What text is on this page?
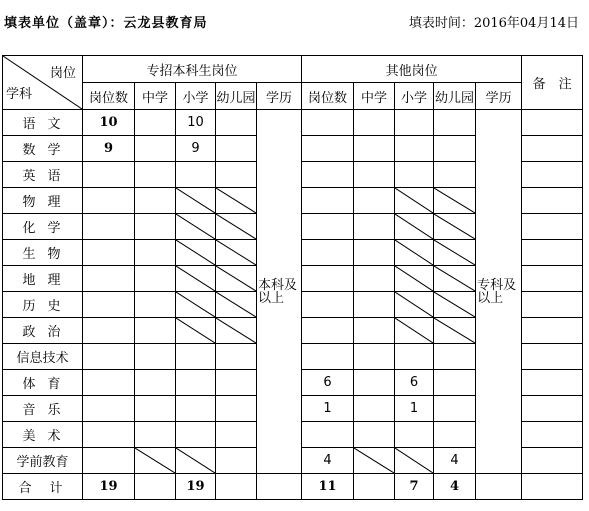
填表单位（盖章）：云龙县教育局	填表时间：2016年04月14日
岗位
学科	专招本科生岗位					其他岗位					备　注
	岗位数	中学	小学	幼儿园	学历	岗位数	中学	小学	幼儿园	学历	
语文	10		10		本科及以上					专科及以上	
数学	9		9								
英语											
物理			

化学			

生物			

地理			

历史			

政治			

信息技术											
体育						6		6			
音乐						1		1			
美术											
学前教育						4			4		
合计	19		19			11		7	4		
